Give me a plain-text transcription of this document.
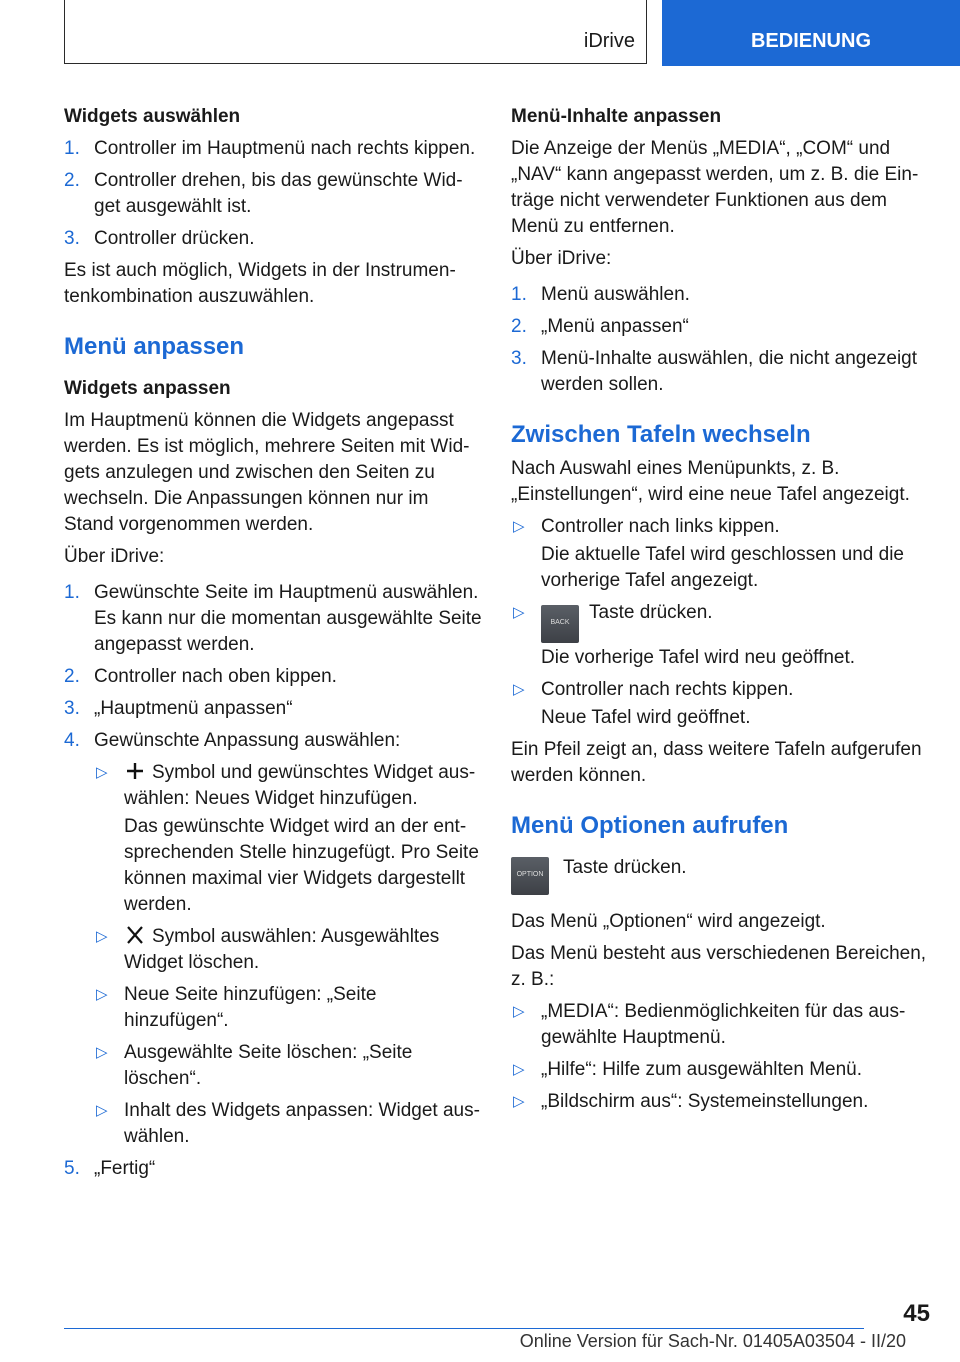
iDrive	BEDIENUNG
Widgets auswählen
1. Controller im Hauptmenü nach rechts kippen.
2. Controller drehen, bis das gewünschte Widget ausgewählt ist.
3. Controller drücken.

Es ist auch möglich, Widgets in der Instrumentenkombination auszuwählen.

Menü anpassen
Widgets anpassen

Im Hauptmenü können die Widgets angepasst werden. Es ist möglich, mehrere Seiten mit Widgets anzulegen und zwischen den Seiten zu wechseln. Die Anpassungen können nur im Stand vorgenommen werden.

Über iDrive:

1. Gewünschte Seite im Hauptmenü auswählen. Es kann nur die momentan ausgewählte Seite angepasst werden.
2. Controller nach oben kippen.
3. „Hauptmenü anpassen“
4. Gewünschte Anpassung auswählen:
▷ Symbol und gewünschtes Widget auswählen: Neues Widget hinzufügen.
Das gewünschte Widget wird an der entsprechenden Stelle hinzugefügt. Pro Seite können maximal vier Widgets dargestellt werden.
▷ Symbol auswählen: Ausgewähltes Widget löschen.
▷ Neue Seite hinzufügen: „Seite hinzufügen“.
▷ Ausgewählte Seite löschen: „Seite löschen“.
▷ Inhalt des Widgets anpassen: Widget auswählen.
5. „Fertig“
Menü-Inhalte anpassen

Die Anzeige der Menüs „MEDIA“, „COM“ und „NAV“ kann angepasst werden, um z. B. die Einträge nicht verwendeter Funktionen aus dem Menü zu entfernen.

Über iDrive:

1. Menü auswählen.
2. „Menü anpassen“
3. Menü-Inhalte auswählen, die nicht angezeigt werden sollen.
Zwischen Tafeln wechseln

Nach Auswahl eines Menüpunkts, z. B. „Einstellungen“, wird eine neue Tafel angezeigt.

▷ Controller nach links kippen.
Die aktuelle Tafel wird geschlossen und die vorherige Tafel angezeigt.
▷
BACK Taste drücken.
Die vorherige Tafel wird neu geöffnet.
▷ Controller nach rechts kippen.
Neue Tafel wird geöffnet.

Ein Pfeil zeigt an, dass weitere Tafeln aufgerufen werden können.

Menü Optionen aufrufen
OPTION Taste drücken.

Das Menü „Optionen“ wird angezeigt.

Das Menü besteht aus verschiedenen Bereichen, z. B.:

▷ „MEDIA“: Bedienmöglichkeiten für das ausgewählte Hauptmenü.
▷ „Hilfe“: Hilfe zum ausgewählten Menü.
▷ „Bildschirm aus“: Systemeinstellungen.
45
Online Version für Sach-Nr. 01405A03504 - II/20
